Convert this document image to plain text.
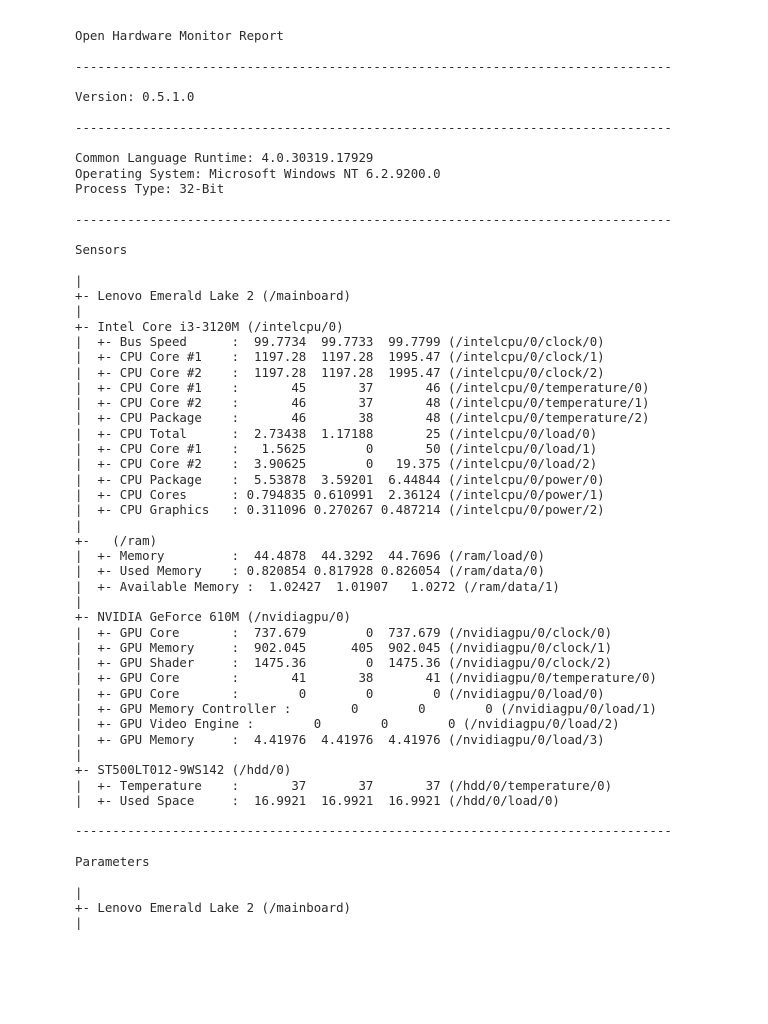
Open Hardware Monitor Report
--------------------------------------------------------------------------------
Version: 0.5.1.0
--------------------------------------------------------------------------------
Common Language Runtime: 4.0.30319.17929
Operating System: Microsoft Windows NT 6.2.9200.0
Process Type: 32-Bit
--------------------------------------------------------------------------------
Sensors
|
+- Lenovo Emerald Lake 2 (/mainboard)
|
+- Intel Core i3-3120M (/intelcpu/0)
|  +- Bus Speed      :  99.7734  99.7733  99.7799 (/intelcpu/0/clock/0)
|  +- CPU Core #1    :  1197.28  1197.28  1995.47 (/intelcpu/0/clock/1)
|  +- CPU Core #2    :  1197.28  1197.28  1995.47 (/intelcpu/0/clock/2)
|  +- CPU Core #1    :       45       37       46 (/intelcpu/0/temperature/0)
|  +- CPU Core #2    :       46       37       48 (/intelcpu/0/temperature/1)
|  +- CPU Package    :       46       38       48 (/intelcpu/0/temperature/2)
|  +- CPU Total      :  2.73438  1.17188       25 (/intelcpu/0/load/0)
|  +- CPU Core #1    :   1.5625        0       50 (/intelcpu/0/load/1)
|  +- CPU Core #2    :  3.90625        0   19.375 (/intelcpu/0/load/2)
|  +- CPU Package    :  5.53878  3.59201  6.44844 (/intelcpu/0/power/0)
|  +- CPU Cores      : 0.794835 0.610991  2.36124 (/intelcpu/0/power/1)
|  +- CPU Graphics   : 0.311096 0.270267 0.487214 (/intelcpu/0/power/2)
|
+-   (/ram)
|  +- Memory         :  44.4878  44.3292  44.7696 (/ram/load/0)
|  +- Used Memory    : 0.820854 0.817928 0.826054 (/ram/data/0)
|  +- Available Memory :  1.02427  1.01907   1.0272 (/ram/data/1)
|
+- NVIDIA GeForce 610M (/nvidiagpu/0)
|  +- GPU Core       :  737.679        0  737.679 (/nvidiagpu/0/clock/0)
|  +- GPU Memory     :  902.045      405  902.045 (/nvidiagpu/0/clock/1)
|  +- GPU Shader     :  1475.36        0  1475.36 (/nvidiagpu/0/clock/2)
|  +- GPU Core       :       41       38       41 (/nvidiagpu/0/temperature/0)
|  +- GPU Core       :        0        0        0 (/nvidiagpu/0/load/0)
|  +- GPU Memory Controller :        0        0        0 (/nvidiagpu/0/load/1)
|  +- GPU Video Engine :        0        0        0 (/nvidiagpu/0/load/2)
|  +- GPU Memory     :  4.41976  4.41976  4.41976 (/nvidiagpu/0/load/3)
|
+- ST500LT012-9WS142 (/hdd/0)
|  +- Temperature    :       37       37       37 (/hdd/0/temperature/0)
|  +- Used Space     :  16.9921  16.9921  16.9921 (/hdd/0/load/0)
--------------------------------------------------------------------------------
Parameters
|
+- Lenovo Emerald Lake 2 (/mainboard)
|
